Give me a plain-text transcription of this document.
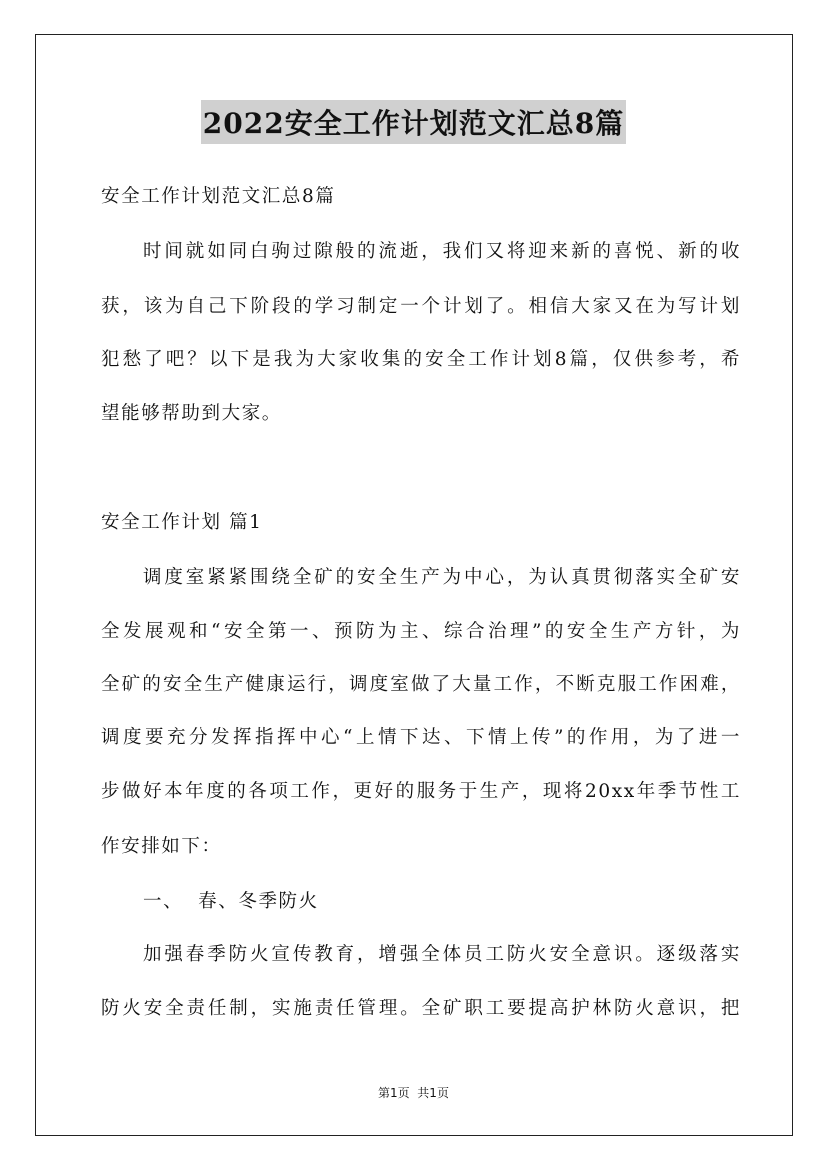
2022安全工作计划范文汇总8篇

安全工作计划范文汇总8篇

时间就如同白驹过隙般的流逝，我们又将迎来新的喜悦、新的收

获，该为自己下阶段的学习制定一个计划了。相信大家又在为写计划

犯愁了吧？以下是我为大家收集的安全工作计划8篇，仅供参考，希

望能够帮助到大家。

安全工作计划 篇1

调度室紧紧围绕全矿的安全生产为中心，为认真贯彻落实全矿安

全发展观和“安全第一、预防为主、综合治理”的安全生产方针，为

全矿的安全生产健康运行，调度室做了大量工作，不断克服工作困难，

调度要充分发挥指挥中心“上情下达、下情上传”的作用，为了进一

步做好本年度的各项工作，更好的服务于生产，现将20xx年季节性工

作安排如下：

一、  春、冬季防火

加强春季防火宣传教育，增强全体员工防火安全意识。逐级落实

防火安全责任制，实施责任管理。全矿职工要提高护林防火意识，把

第1页  共1页
